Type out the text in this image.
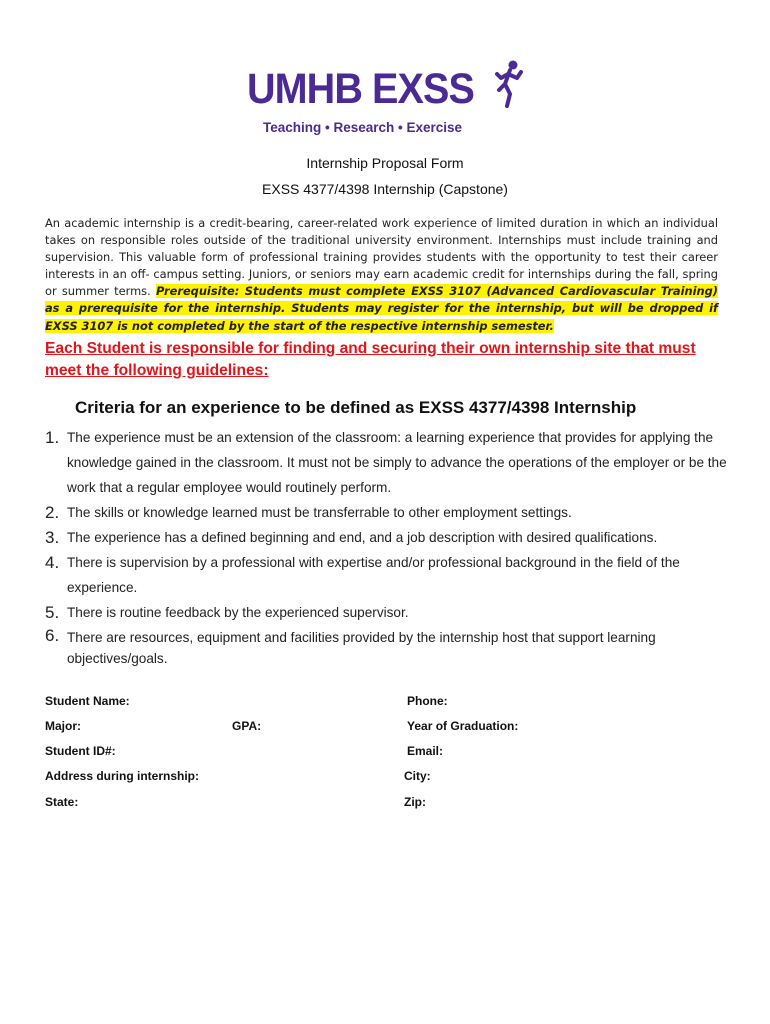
UMHB EXSS
Teaching • Research • Exercise
Internship Proposal Form
EXSS 4377/4398 Internship (Capstone)
An academic internship is a credit-bearing, career-related work experience of limited duration in which an individual takes on responsible roles outside of the traditional university environment. Internships must include training and supervision. This valuable form of professional training provides students with the opportunity to test their career interests in an off- campus setting. Juniors, or seniors may earn academic credit for internships during the fall, spring or summer terms. Prerequisite: Students must complete EXSS 3107 (Advanced Cardiovascular Training) as a prerequisite for the internship. Students may register for the internship, but will be dropped if EXSS 3107 is not completed by the start of the respective internship semester.
Each Student is responsible for finding and securing their own internship site that must meet the following guidelines:
Criteria for an experience to be defined as EXSS 4377/4398 Internship
1. The experience must be an extension of the classroom: a learning experience that provides for applying the knowledge gained in the classroom. It must not be simply to advance the operations of the employer or be the work that a regular employee would routinely perform.
2. The skills or knowledge learned must be transferrable to other employment settings.
3. The experience has a defined beginning and end, and a job description with desired qualifications.
4. There is supervision by a professional with expertise and/or professional background in the field of the experience.
5. There is routine feedback by the experienced supervisor.
6. There are resources, equipment and facilities provided by the internship host that support learning objectives/goals.
Student Name:	Phone:
Major:	GPA:	Year of Graduation:
Student ID#:	Email:
Address during internship:	City:
State:	Zip:
